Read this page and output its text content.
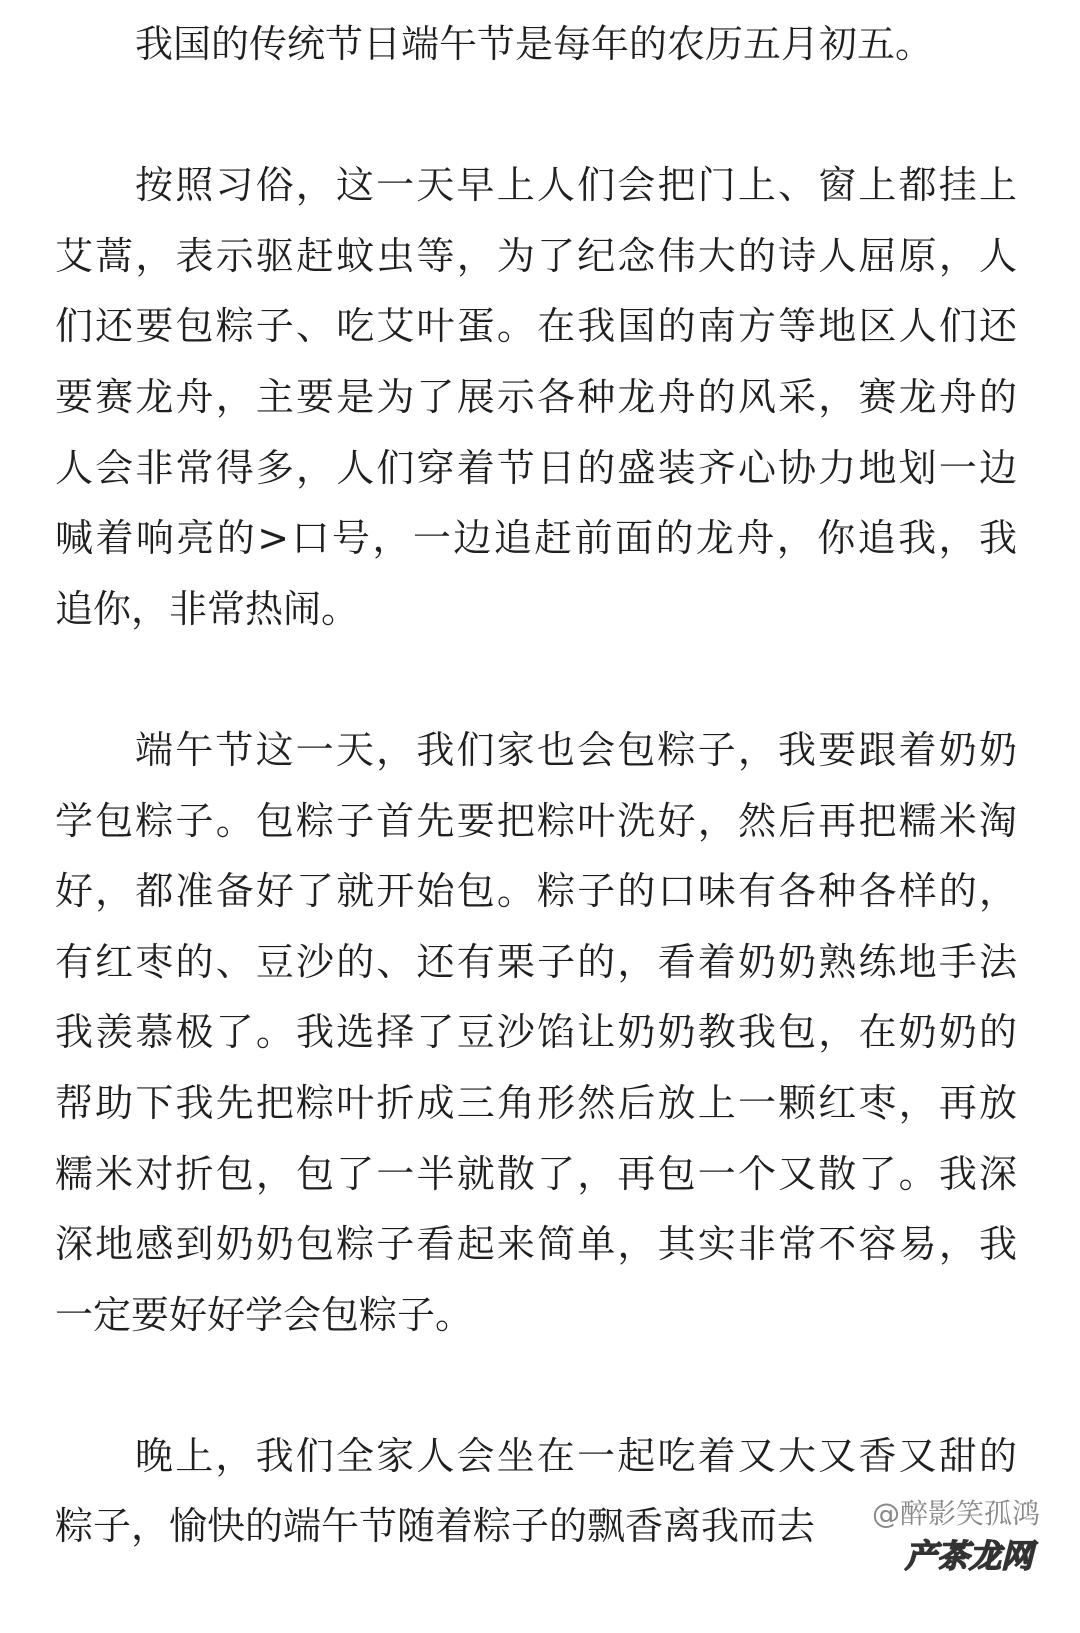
我国的传统节日端午节是每年的农历五月初五。
按照习俗，这一天早上人们会把门上、窗上都挂上
艾蒿，表示驱赶蚊虫等，为了纪念伟大的诗人屈原，人
们还要包粽子、吃艾叶蛋。在我国的南方等地区人们还
要赛龙舟，主要是为了展示各种龙舟的风采，赛龙舟的
人会非常得多，人们穿着节日的盛装齐心协力地划一边
喊着响亮的>口号，一边追赶前面的龙舟，你追我，我
追你，非常热闹。
端午节这一天，我们家也会包粽子，我要跟着奶奶
学包粽子。包粽子首先要把粽叶洗好，然后再把糯米淘
好，都准备好了就开始包。粽子的口味有各种各样的，
有红枣的、豆沙的、还有栗子的，看着奶奶熟练地手法
我羡慕极了。我选择了豆沙馅让奶奶教我包，在奶奶的
帮助下我先把粽叶折成三角形然后放上一颗红枣，再放
糯米对折包，包了一半就散了，再包一个又散了。我深
深地感到奶奶包粽子看起来简单，其实非常不容易，我
一定要好好学会包粽子。
晚上，我们全家人会坐在一起吃着又大又香又甜的
粽子，愉快的端午节随着粽子的飘香离我而去 @醉影笑孤鸿
产茶龙网
